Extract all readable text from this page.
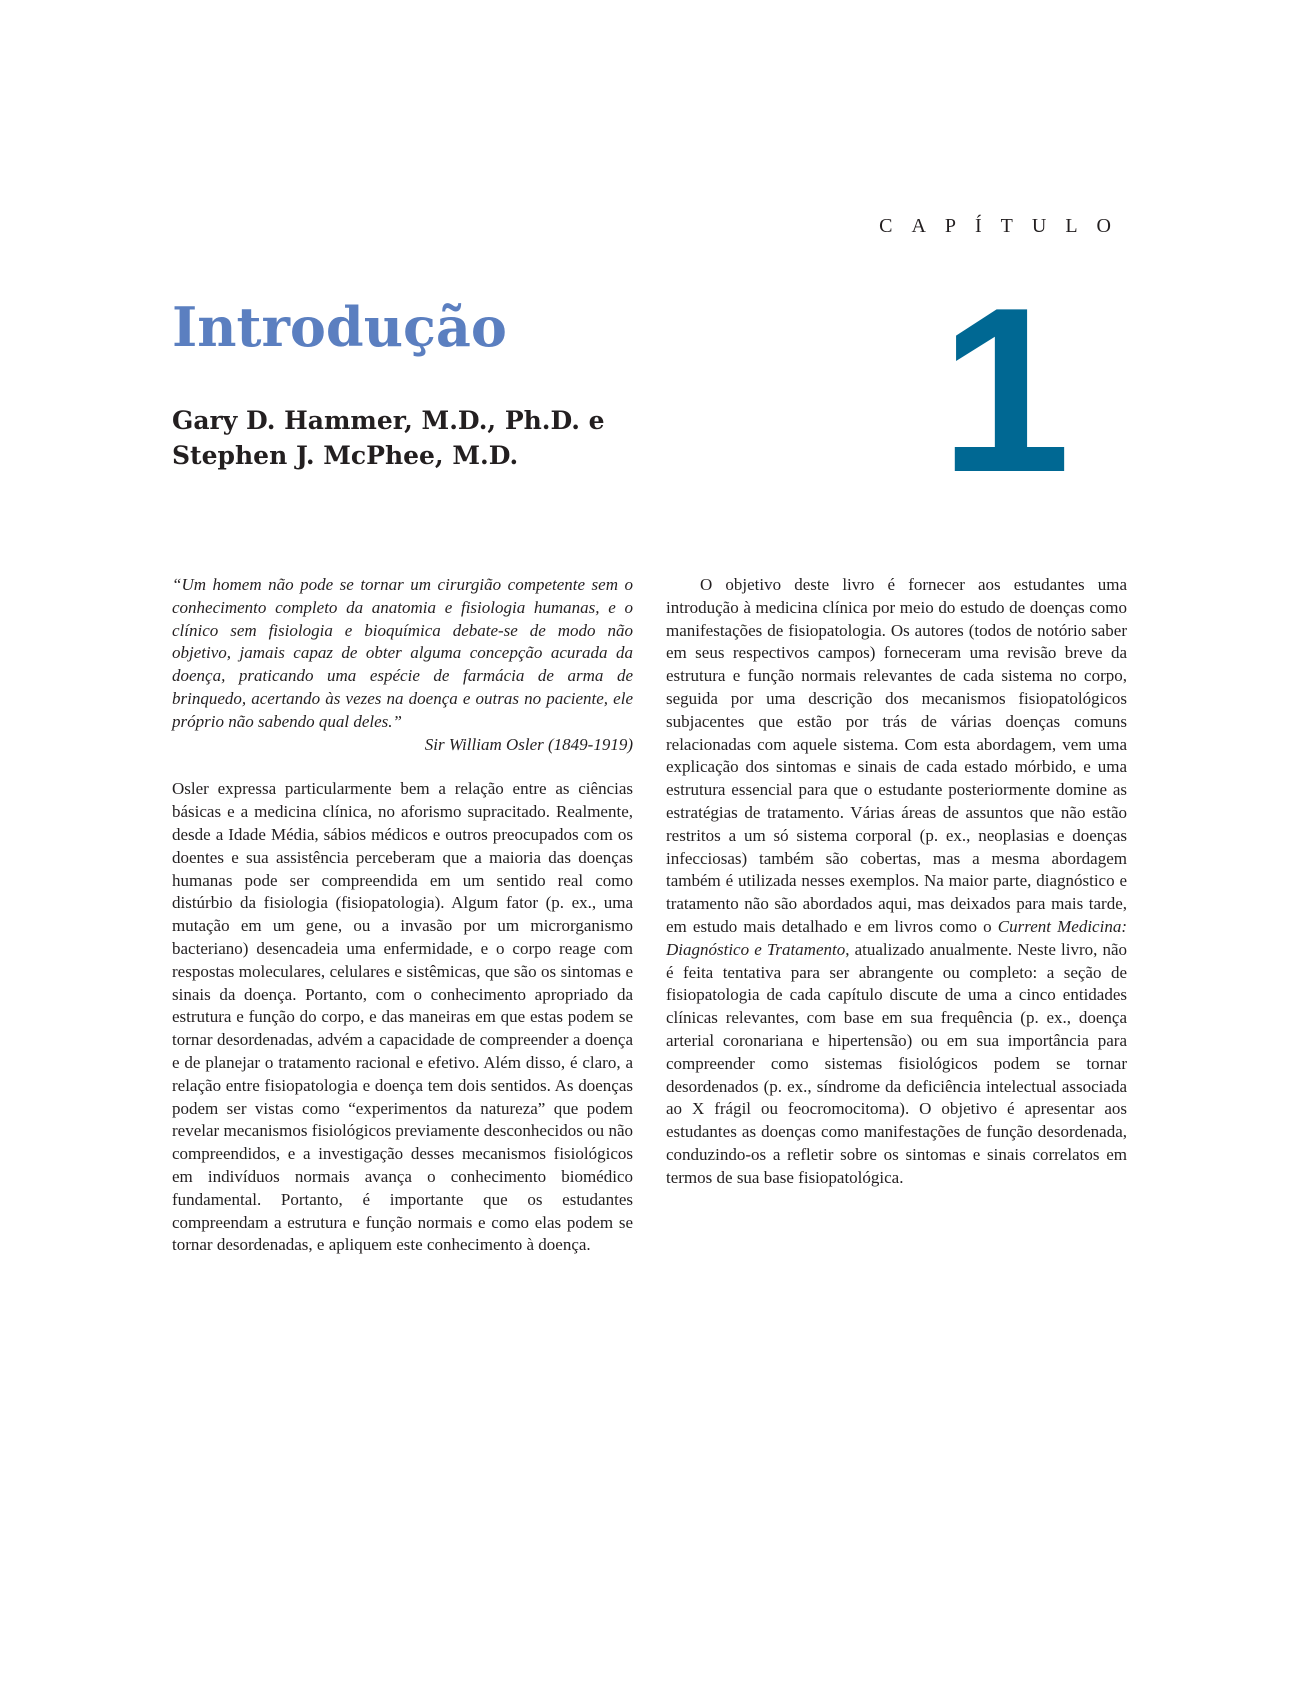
CAPÍTULO
1
Introdução
Gary D. Hammer, M.D., Ph.D. e
Stephen J. McPhee, M.D.

“Um homem não pode se tornar um cirurgião competente sem o conhecimento completo da anatomia e fisiologia humanas, e o clínico sem fisiologia e bioquímica debate-se de modo não objetivo, jamais capaz de obter alguma concepção acurada da doença, praticando uma espécie de farmácia de arma de brinquedo, acertando às vezes na doença e outras no paciente, ele próprio não sabendo qual deles.”

Sir William Osler (1849-1919)

Osler expressa particularmente bem a relação entre as ciências básicas e a medicina clínica, no aforismo supracitado. Realmente, desde a Idade Média, sábios médicos e outros preocupados com os doentes e sua assistência perceberam que a maioria das doenças humanas pode ser compreendida em um sentido real como distúrbio da fisiologia (fisiopatologia). Algum fator (p. ex., uma mutação em um gene, ou a invasão por um microrganismo bacteriano) desencadeia uma enfermidade, e o corpo reage com respostas moleculares, celulares e sistêmicas, que são os sintomas e sinais da doença. Portanto, com o conhecimento apropriado da estrutura e função do corpo, e das maneiras em que estas podem se tornar desordenadas, advém a capacidade de compreender a doença e de planejar o tratamento racional e efetivo. Além disso, é claro, a relação entre fisiopatologia e doença tem dois sentidos. As doenças podem ser vistas como “experimentos da natureza” que podem revelar mecanismos fisiológicos previamente desconhecidos ou não compreendidos, e a investigação desses mecanismos fisiológicos em indivíduos normais avança o conhecimento biomédico fundamental. Portanto, é importante que os estudantes compreendam a estrutura e função normais e como elas podem se tornar desordenadas, e apliquem este conhecimento à doença.

O objetivo deste livro é fornecer aos estudantes uma introdução à medicina clínica por meio do estudo de doenças como manifestações de fisiopatologia. Os autores (todos de notório saber em seus respectivos campos) forneceram uma revisão breve da estrutura e função normais relevantes de cada sistema no corpo, seguida por uma descrição dos mecanismos fisiopatológicos subjacentes que estão por trás de várias doenças comuns relacionadas com aquele sistema. Com esta abordagem, vem uma explicação dos sintomas e sinais de cada estado mórbido, e uma estrutura essencial para que o estudante posteriormente domine as estratégias de tratamento. Várias áreas de assuntos que não estão restritos a um só sistema corporal (p. ex., neoplasias e doenças infecciosas) também são cobertas, mas a mesma abordagem também é utilizada nesses exemplos. Na maior parte, diagnóstico e tratamento não são abordados aqui, mas deixados para mais tarde, em estudo mais detalhado e em livros como o Current Medicina: Diagnóstico e Tratamento, atualizado anualmente. Neste livro, não é feita tentativa para ser abrangente ou completo: a seção de fisiopatologia de cada capítulo discute de uma a cinco entidades clínicas relevantes, com base em sua frequência (p. ex., doença arterial coronariana e hipertensão) ou em sua importância para compreender como sistemas fisiológicos podem se tornar desordenados (p. ex., síndrome da deficiência intelectual associada ao X frágil ou feocromocitoma). O objetivo é apresentar aos estudantes as doenças como manifestações de função desordenada, conduzindo-os a refletir sobre os sintomas e sinais correlatos em termos de sua base fisiopatológica.
